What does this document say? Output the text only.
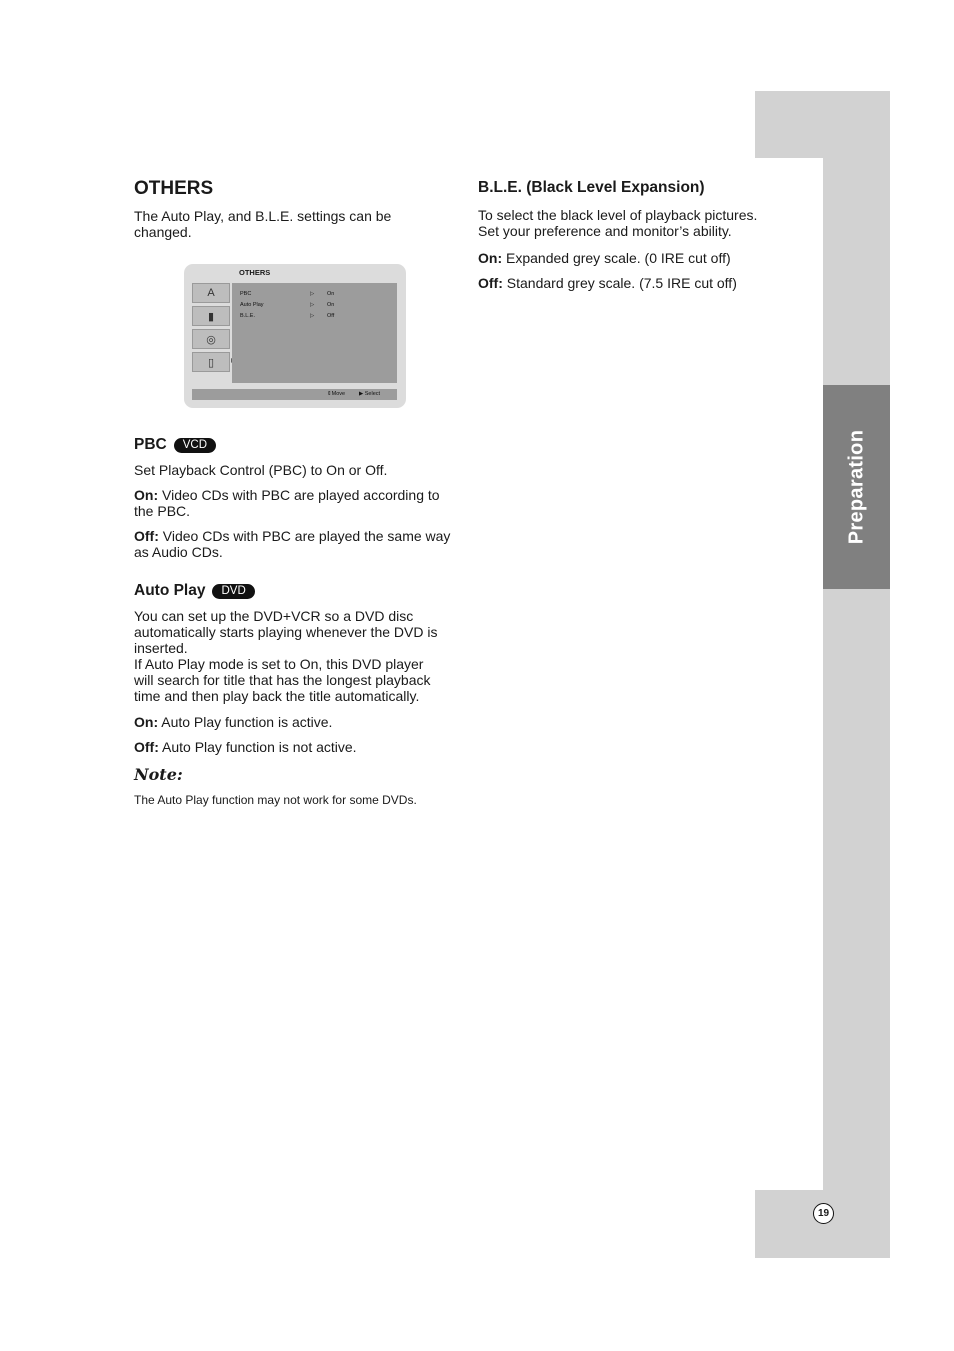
Preparation
19
OTHERS

The Auto Play, and B.L.E. settings can be changed.

OTHERS
A
▮
◎
▯
PBC	▷ On
Auto Play	▷ On
B.L.E.	▷ Off
⇕Move	▶ Select
PBC	VCD

Set Playback Control (PBC) to On or Off.

On: Video CDs with PBC are played according to the PBC.

Off: Video CDs with PBC are played the same way as Audio CDs.

Auto Play	DVD

You can set up the DVD+VCR so a DVD disc automatically starts playing whenever the DVD is inserted.

If Auto Play mode is set to On, this DVD player will search for title that has the longest playback time and then play back the title automatically.

On: Auto Play function is active.

Off: Auto Play function is not active.

Note:
The Auto Play function may not work for some DVDs.
B.L.E. (Black Level Expansion)

To select the black level of playback pictures. Set your preference and monitor’s ability.

On: Expanded grey scale. (0 IRE cut off)

Off: Standard grey scale. (7.5 IRE cut off)
